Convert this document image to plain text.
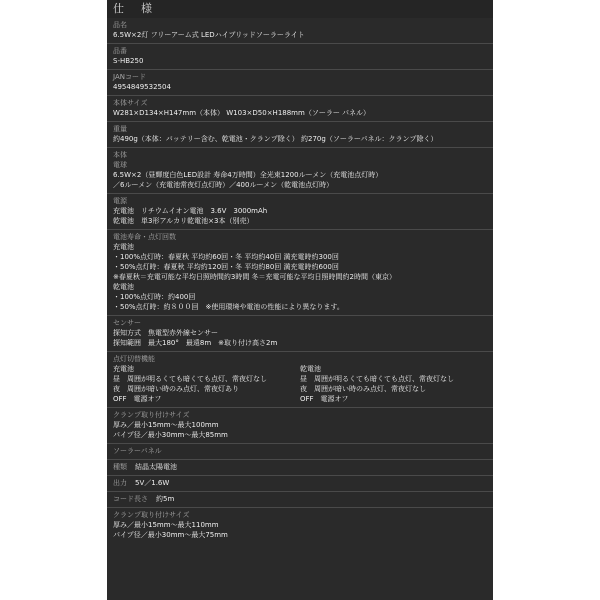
仕　様
品名
6.5W×2灯 フリーアーム式 LEDハイブリッドソーラーライト
品番
S-HB250
JANコード
4954849532504
本体サイズ
W281×D134×H147mm（本体） W103×D50×H188mm（ソーラー パネル）
重量
約490g（本体：バッテリー含む、乾電池・クランプ除く） 約270g（ソーラーパネル：クランプ除く）
本体
電球
6.5W×2（昼輝度白色LED設計 寿命4万時間）全光束1200ルーメン（充電池点灯時）
／6ルーメン（充電池常夜灯点灯時）／400ルーメン（乾電池点灯時）
電源
充電池　リチウムイオン電池　3.6V　3000mAh
乾電池　単3形アルカリ乾電池×3本（別売）
電池寿命・点灯回数
充電池
・100%点灯時：春夏秋 平均約60回・冬 平均約40回 満充電時約300回
・50%点灯時：春夏秋 平均約120回・冬 平均約80回 満充電時約600回
※春夏秋＝充電可能な平均日照時間約3時間 冬＝充電可能な平均日照時間約2時間（東京）
乾電池
・100%点灯時：約400回
・50%点灯時：約８００回　※使用環境や電池の性能により異なります。
センサー
探知方式　焦電型赤外線センサー
探知範囲　最大180°　最遠8m　※取り付け高さ2m
点灯切替機能
充電池
昼　周囲が明るくても暗くても点灯、常夜灯なし
夜　周囲が暗い時のみ点灯、常夜灯あり
OFF　電源オフ
乾電池
昼　周囲が明るくても暗くても点灯、常夜灯なし
夜　周囲が暗い時のみ点灯、常夜灯なし
OFF　電源オフ
クランプ取り付けサイズ
厚み／最小15mm〜最大100mm
パイプ径／最小30mm〜最大85mm
ソーラーパネル
種類 結晶太陽電池
出力 5V／1.6W
コード長さ 約5m
クランプ取り付けサイズ
厚み／最小15mm〜最大110mm
パイプ径／最小30mm〜最大75mm
